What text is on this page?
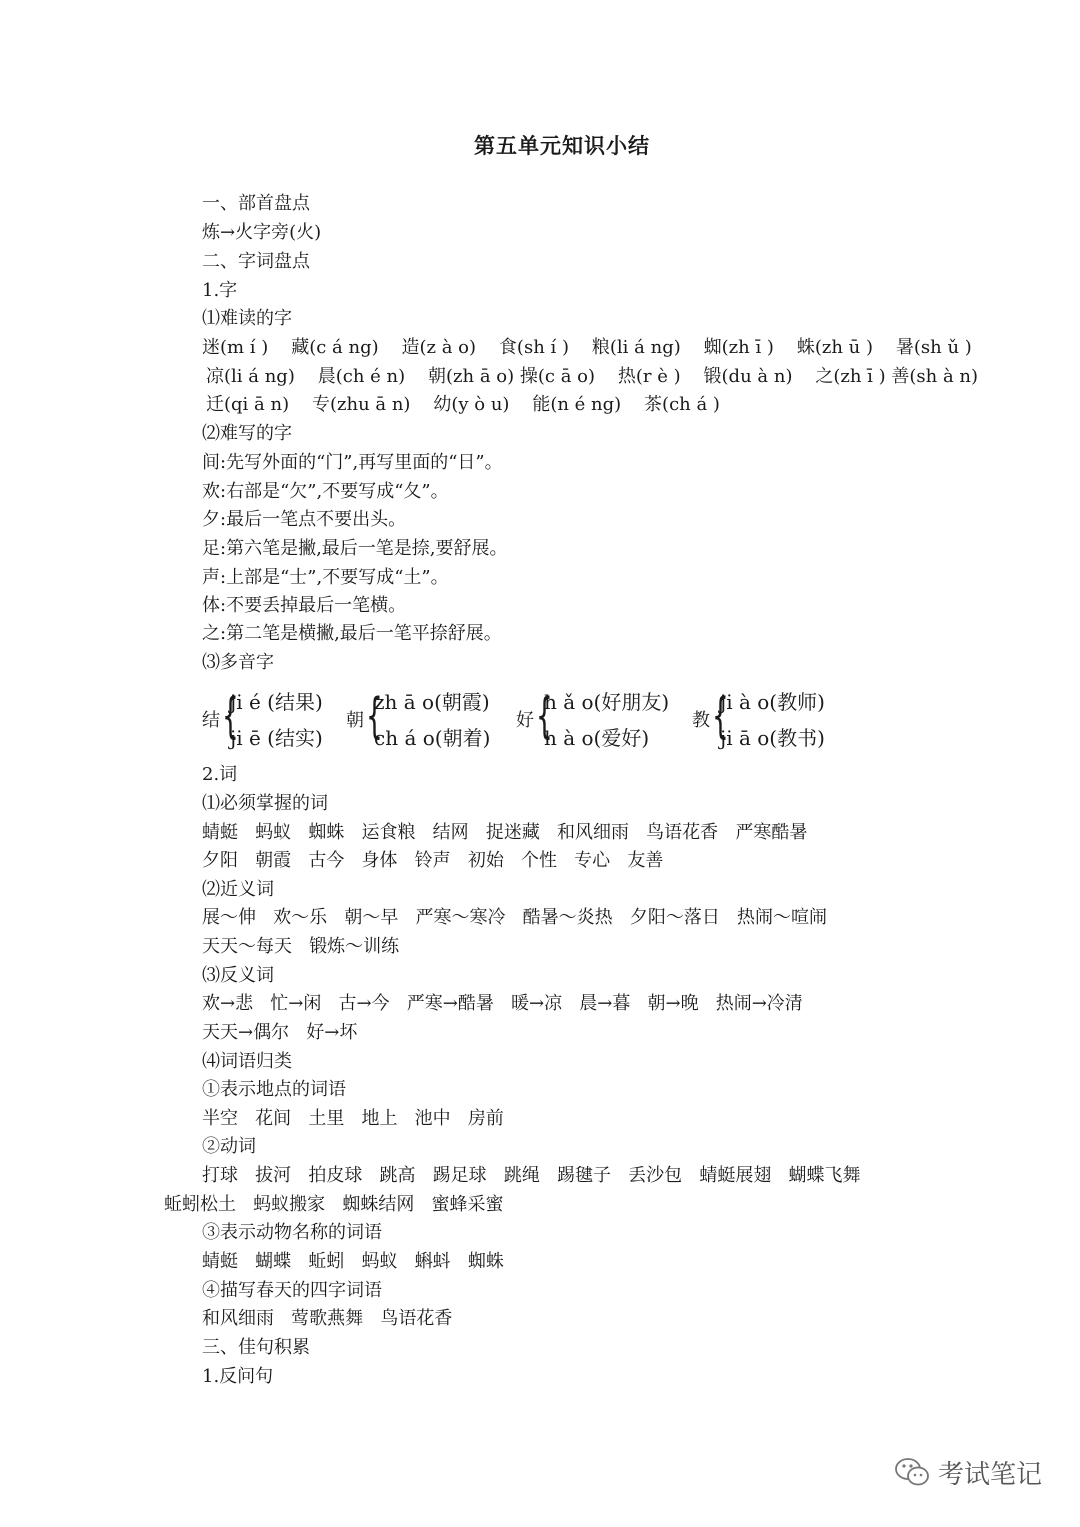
第五单元知识小结
一、部首盘点
炼→火字旁(火)
二、字词盘点
1.字
⑴难读的字
迷(m í )    藏(c á ng)    造(z à o)    食(sh í )    粮(li á ng)    蜘(zh ī )    蛛(zh ū )    暑(sh ǔ )
凉(li á ng)    晨(ch é n)    朝(zh ā o) 操(c ā o)    热(r è )    锻(du à n)    之(zh ī ) 善(sh à n)
迁(qi ā n)    专(zhu ā n)    幼(y ò u)    能(n é ng)    茶(ch á )
⑵难写的字
间:先写外面的“门”,再写里面的“日”。
欢:右部是“欠”,不要写成“夂”。
夕:最后一笔点不要出头。
足:第六笔是撇,最后一笔是捺,要舒展。
声:上部是“士”,不要写成“土”。
体:不要丢掉最后一笔横。
之:第二笔是横撇,最后一笔平捺舒展。
⑶多音字
结 {
ji é (结果)
ji ē (结实)
朝 {
zh ā o(朝霞)
ch á o(朝着)
好 {
h ǎ o(好朋友)
h à o(爱好)
教 {
ji à o(教师)
ji ā o(教书)
2.词
⑴必须掌握的词
蜻蜓   蚂蚁   蜘蛛   运食粮   结网   捉迷藏   和风细雨   鸟语花香   严寒酷暑
夕阳   朝霞   古今   身体   铃声   初始   个性   专心   友善
⑵近义词
展～伸   欢～乐   朝～早   严寒～寒冷   酷暑～炎热   夕阳～落日   热闹～喧闹
天天～每天   锻炼～训练
⑶反义词
欢→悲   忙→闲   古→今   严寒→酷暑   暖→凉   晨→暮   朝→晚   热闹→冷清
天天→偶尔   好→坏
⑷词语归类
①表示地点的词语
半空   花间   土里   地上   池中   房前
②动词
打球   拔河   拍皮球   跳高   踢足球   跳绳   踢毽子   丢沙包   蜻蜓展翅   蝴蝶飞舞
蚯蚓松土   蚂蚁搬家   蜘蛛结网   蜜蜂采蜜
③表示动物名称的词语
蜻蜓   蝴蝶   蚯蚓   蚂蚁   蝌蚪   蜘蛛
④描写春天的四字词语
和风细雨   莺歌燕舞   鸟语花香
三、佳句积累
1.反问句
考试笔记
